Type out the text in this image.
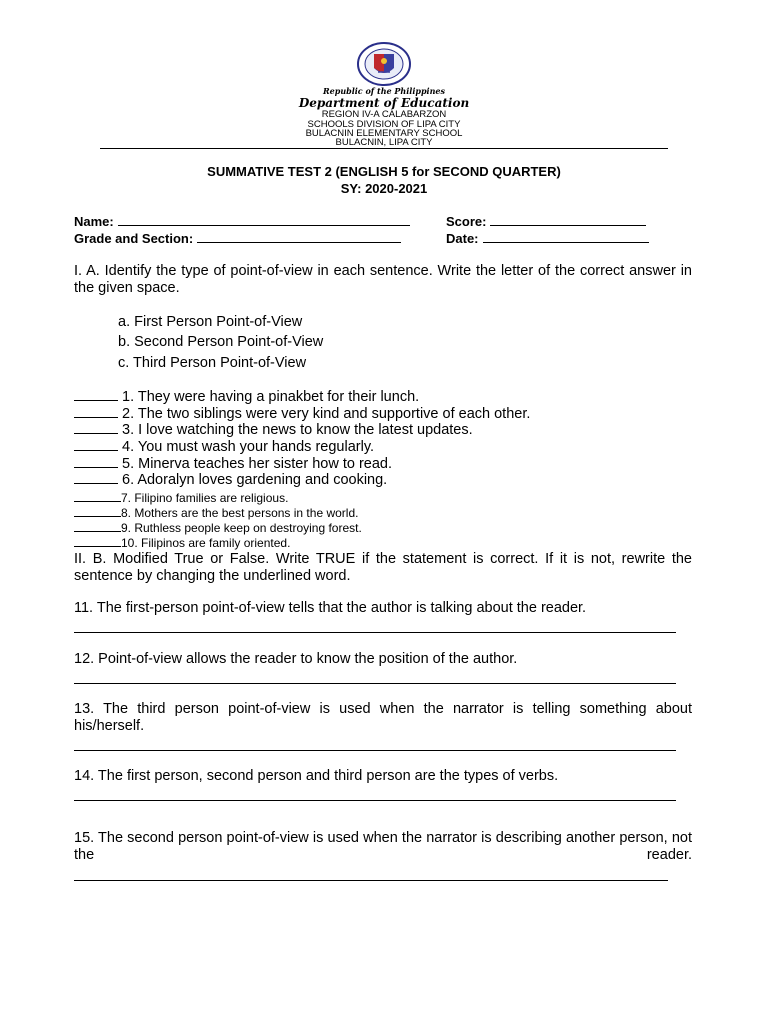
Republic of the Philippines
Department of Education
REGION IV-A CALABARZON
SCHOOLS DIVISION OF LIPA CITY
BULACNIN ELEMENTARY SCHOOL
BULACNIN, LIPA CITY
SUMMATIVE TEST 2 (ENGLISH 5 for SECOND QUARTER)
SY: 2020-2021
Name:	Score:
Grade and Section:	Date:
I. A. Identify the type of point-of-view in each sentence. Write the letter of the correct answer in the given space.
a. First Person Point-of-View
b. Second Person Point-of-View
c. Third Person Point-of-View
1. They were having a pinakbet for their lunch.
2. The two siblings were very kind and supportive of each other.
3. I love watching the news to know the latest updates.
4. You must wash your hands regularly.
5. Minerva teaches her sister how to read.
6. Adoralyn loves gardening and cooking.
7. Filipino families are religious.
8. Mothers are the best persons in the world.
9. Ruthless people keep on destroying forest.
10. Filipinos are family oriented.
II. B. Modified True or False. Write TRUE if the statement is correct. If it is not, rewrite the sentence by changing the underlined word.
11. The first-person point-of-view tells that the author is talking about the reader.
12. Point-of-view allows the reader to know the position of the author.
13. The third person point-of-view is used when the narrator is telling something about his/herself.
14. The first person, second person and third person are the types of verbs.
15. The second person point-of-view is used when the narrator is describing another person, not the reader.
